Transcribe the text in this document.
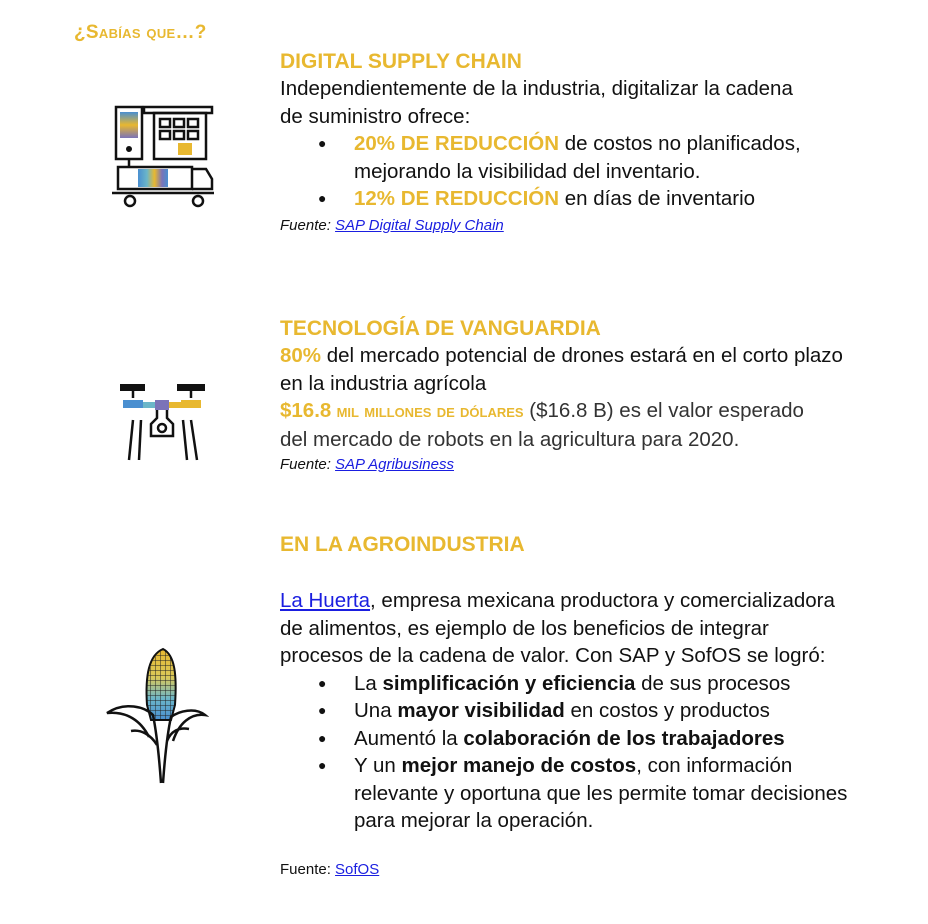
¿Sabías que…?
DIGITAL SUPPLY CHAIN

Independientemente de la industria, digitalizar la cadena de suministro ofrece:

● 20% DE REDUCCIÓN de costos no planificados, mejorando la visibilidad del inventario.
● 12% DE REDUCCIÓN en días de inventario
Fuente: SAP Digital Supply Chain
TECNOLOGÍA DE VANGUARDIA

80% del mercado potencial de drones estará en el corto plazo en la industria agrícola

$16.8 mil millones de dólares ($16.8 B) es el valor esperado del mercado de robots en la agricultura para 2020.

Fuente: SAP Agribusiness
EN LA AGROINDUSTRIA

La Huerta, empresa mexicana productora y comercializadora de alimentos, es ejemplo de los beneficios de integrar procesos de la cadena de valor. Con SAP y SofOS se logró:

● La simplificación y eficiencia de sus procesos
● Una mayor visibilidad en costos y productos
● Aumentó la colaboración de los trabajadores
● Y un mejor manejo de costos, con información relevante y oportuna que les permite tomar decisiones para mejorar la operación.
Fuente: SofOS
